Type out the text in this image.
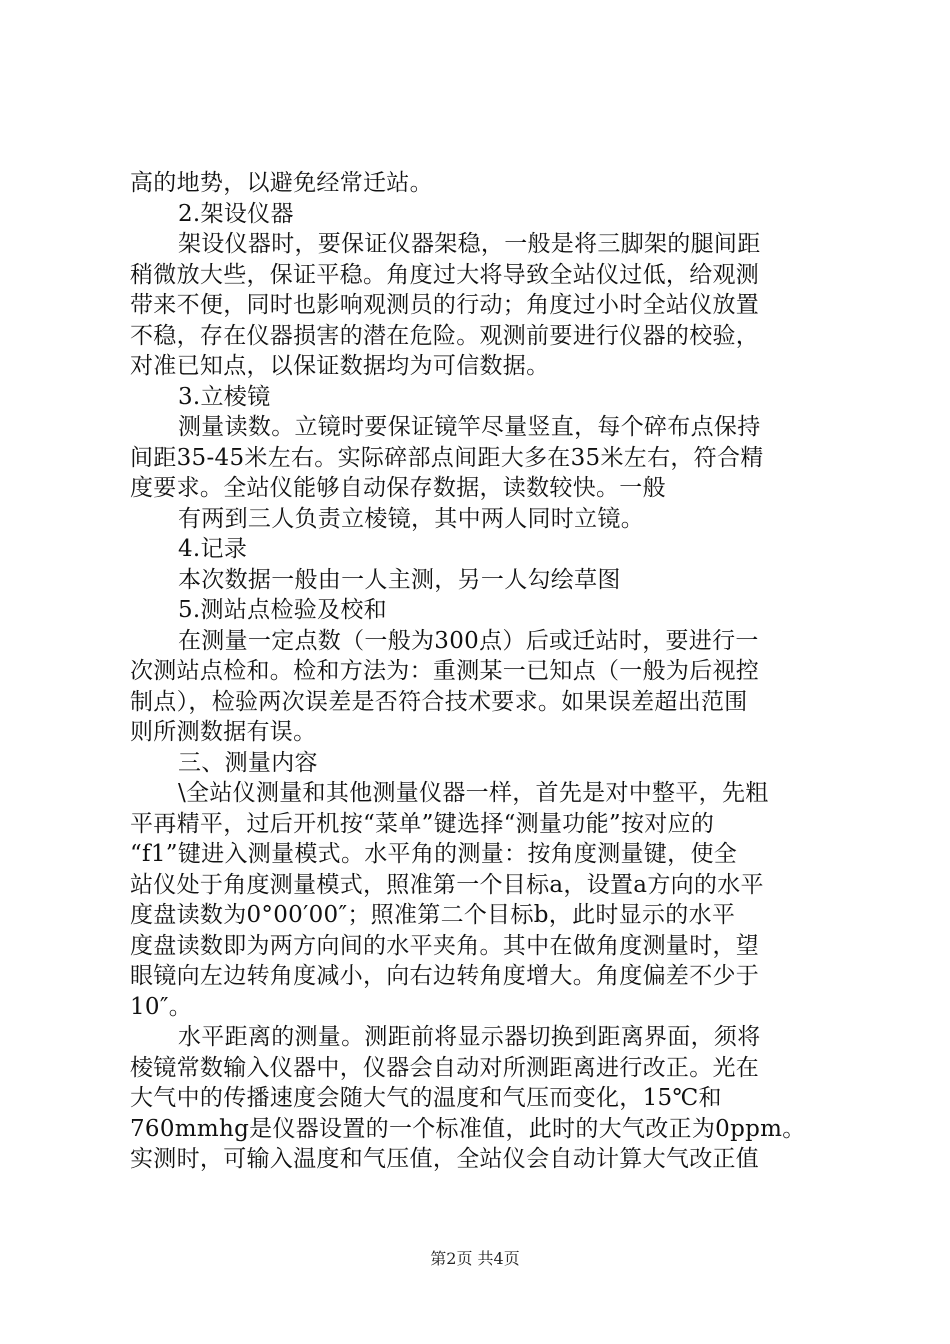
高的地势，以避免经常迁站。
2.架设仪器
架设仪器时，要保证仪器架稳，一般是将三脚架的腿间距
稍微放大些，保证平稳。角度过大将导致全站仪过低，给观测
带来不便，同时也影响观测员的行动；角度过小时全站仪放置
不稳，存在仪器损害的潜在危险。观测前要进行仪器的校验，
对准已知点，以保证数据均为可信数据。
3.立棱镜
测量读数。立镜时要保证镜竿尽量竖直，每个碎布点保持
间距35-45米左右。实际碎部点间距大多在35米左右，符合精
度要求。全站仪能够自动保存数据，读数较快。一般
有两到三人负责立棱镜，其中两人同时立镜。
4.记录
本次数据一般由一人主测，另一人勾绘草图
5.测站点检验及校和
在测量一定点数（一般为300点）后或迁站时，要进行一
次测站点检和。检和方法为：重测某一已知点（一般为后视控
制点），检验两次误差是否符合技术要求。如果误差超出范围
则所测数据有误。
三、测量内容
\全站仪测量和其他测量仪器一样，首先是对中整平，先粗
平再精平，过后开机按“菜单”键选择“测量功能”按对应的
“f1”键进入测量模式。水平角的测量：按角度测量键，使全
站仪处于角度测量模式，照准第一个目标a，设置a方向的水平
度盘读数为0°00′00″；照准第二个目标b，此时显示的水平
度盘读数即为两方向间的水平夹角。其中在做角度测量时，望
眼镜向左边转角度减小，向右边转角度增大。角度偏差不少于
10″。
水平距离的测量。测距前将显示器切换到距离界面，须将
棱镜常数输入仪器中，仪器会自动对所测距离进行改正。光在
大气中的传播速度会随大气的温度和气压而变化，15℃和
760mmhg是仪器设置的一个标准值，此时的大气改正为0ppm。
实测时，可输入温度和气压值，全站仪会自动计算大气改正值
第2页 共4页
